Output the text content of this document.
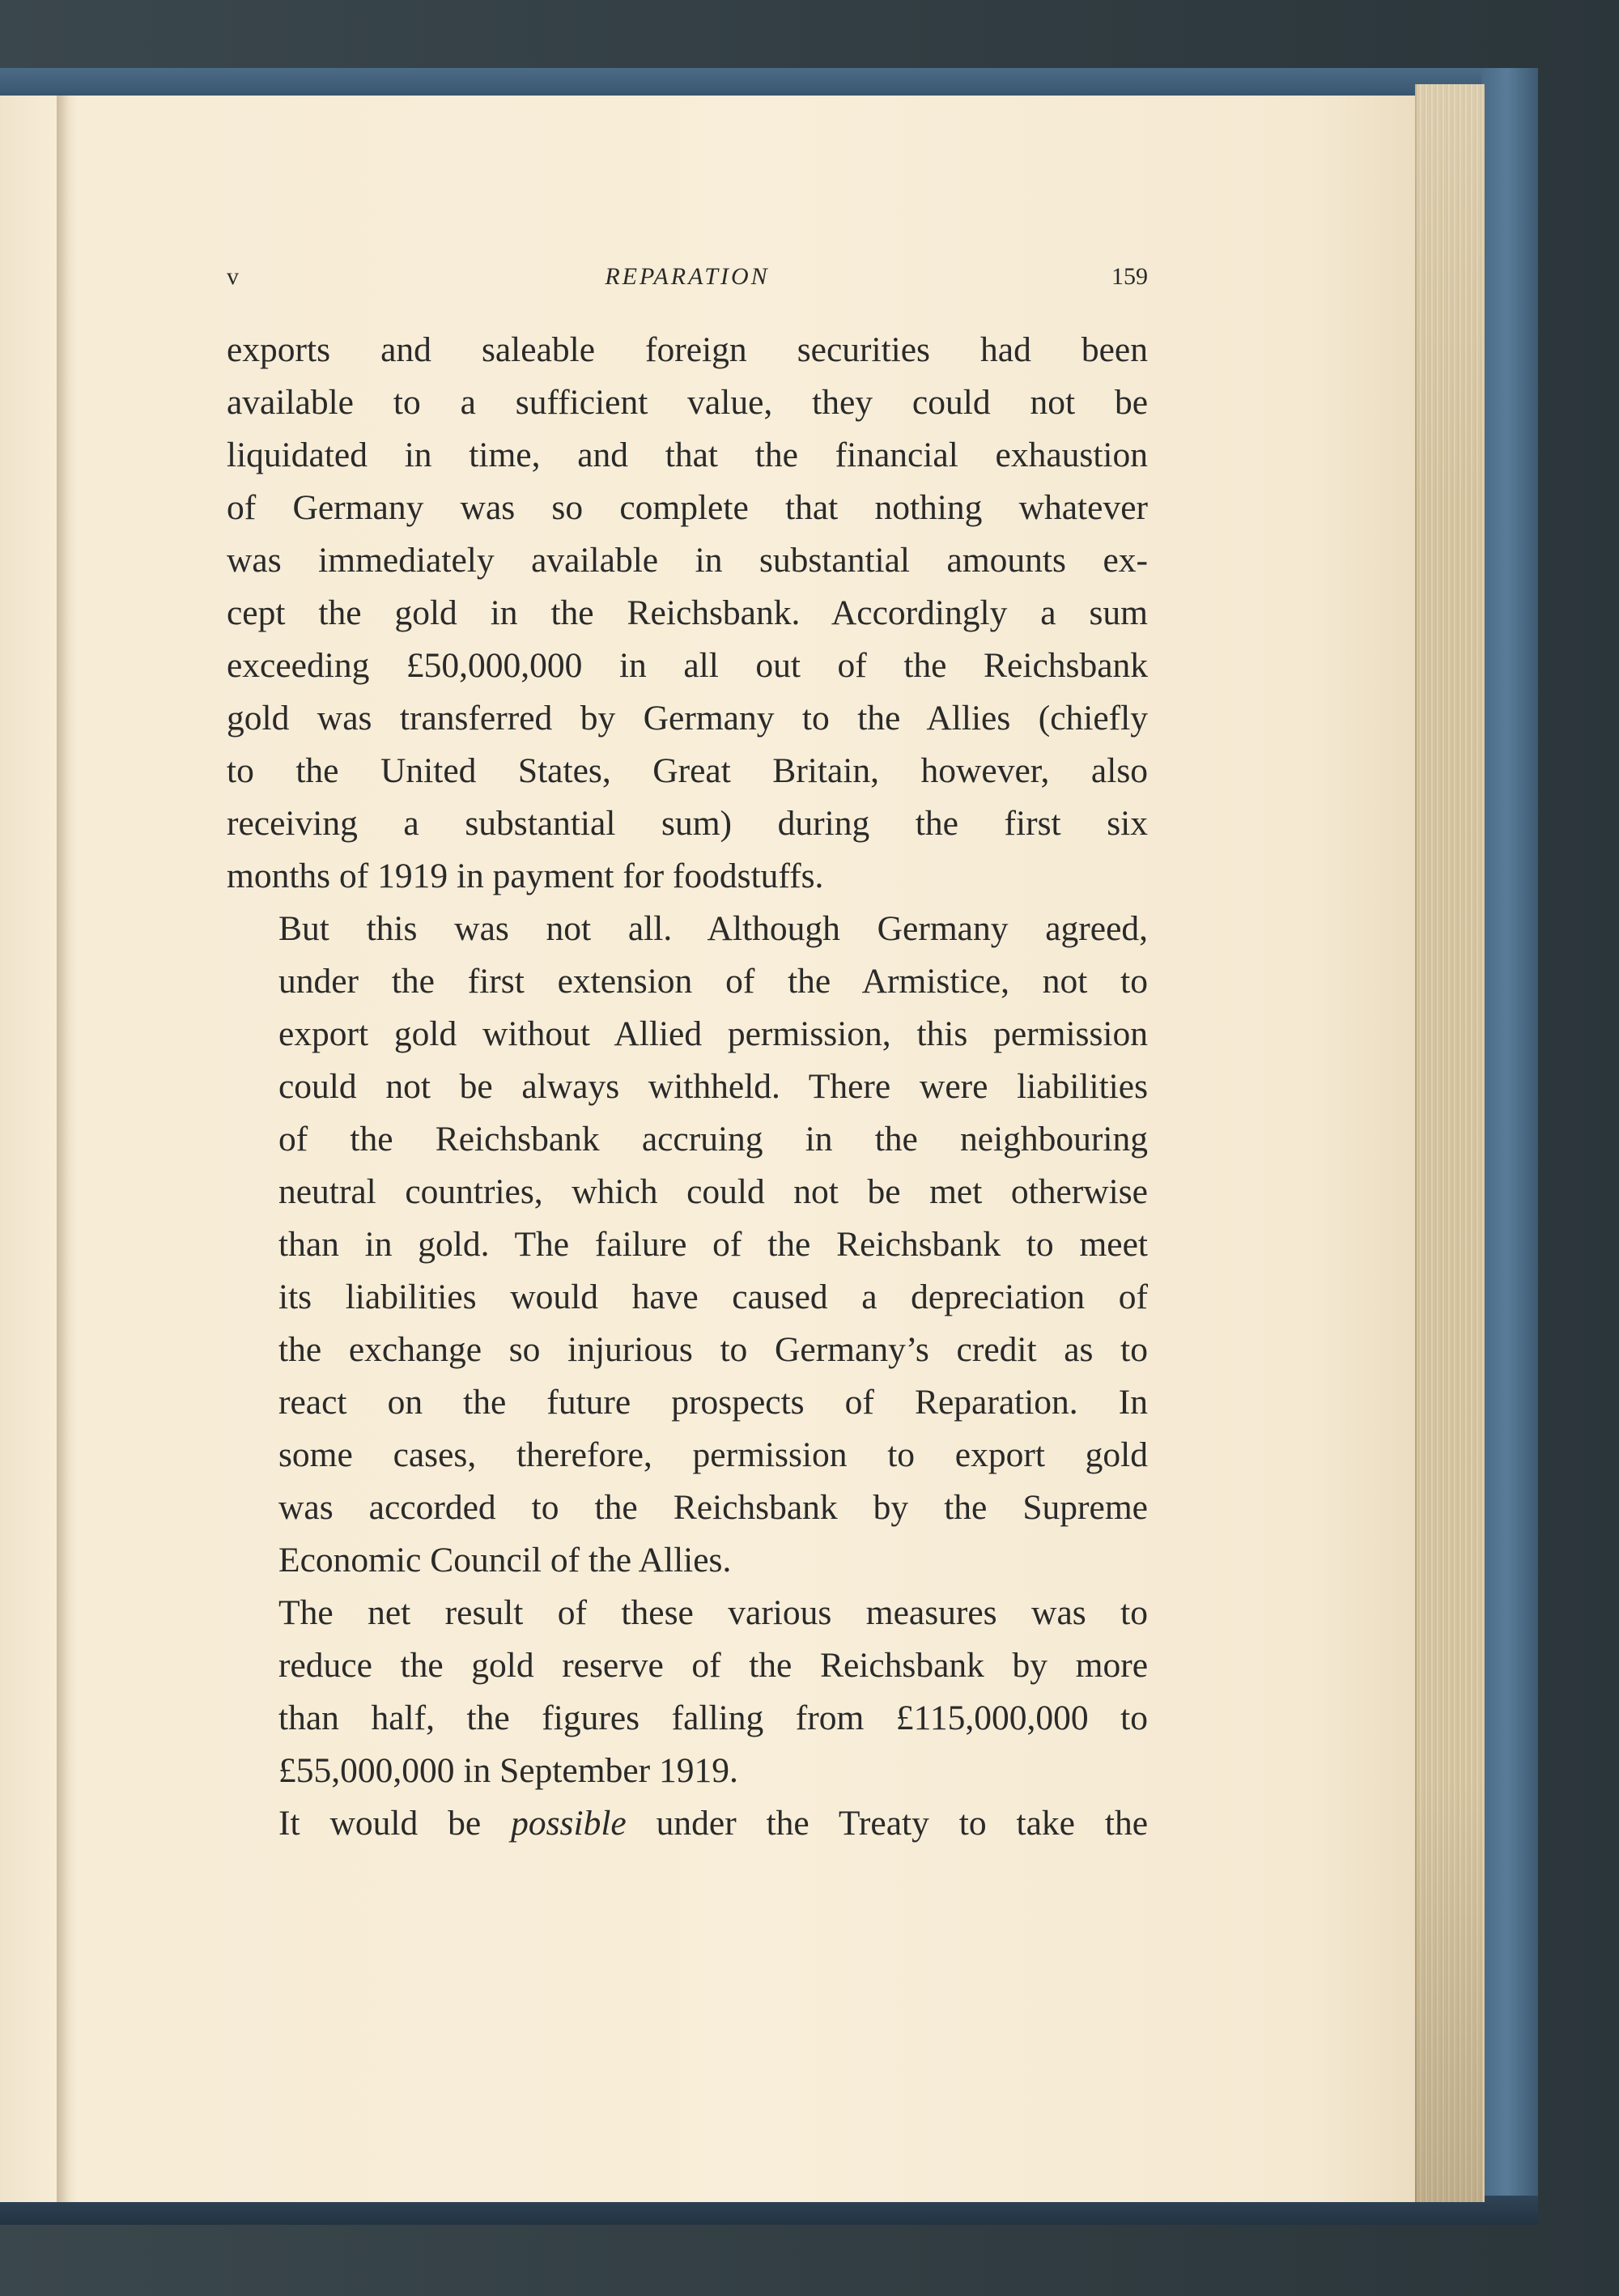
v	REPARATION	159

exports and saleable foreign securities had been
available to a sufficient value, they could not be
liquidated in time, and that the financial exhaustion
of Germany was so complete that nothing whatever
was immediately available in substantial amounts ex-
cept the gold in the Reichsbank. Accordingly a sum
exceeding £50,000,000 in all out of the Reichsbank
gold was transferred by Germany to the Allies (chiefly
to the United States, Great Britain, however, also
receiving a substantial sum) during the first six
months of 1919 in payment for foodstuffs.

But this was not all. Although Germany agreed,
under the first extension of the Armistice, not to
export gold without Allied permission, this permission
could not be always withheld. There were liabilities
of the Reichsbank accruing in the neighbouring
neutral countries, which could not be met otherwise
than in gold. The failure of the Reichsbank to meet
its liabilities would have caused a depreciation of
the exchange so injurious to Germany’s credit as to
react on the future prospects of Reparation. In
some cases, therefore, permission to export gold
was accorded to the Reichsbank by the Supreme
Economic Council of the Allies.

The net result of these various measures was to
reduce the gold reserve of the Reichsbank by more
than half, the figures falling from £115,000,000 to
£55,000,000 in September 1919.

It would be possible under the Treaty to take the
